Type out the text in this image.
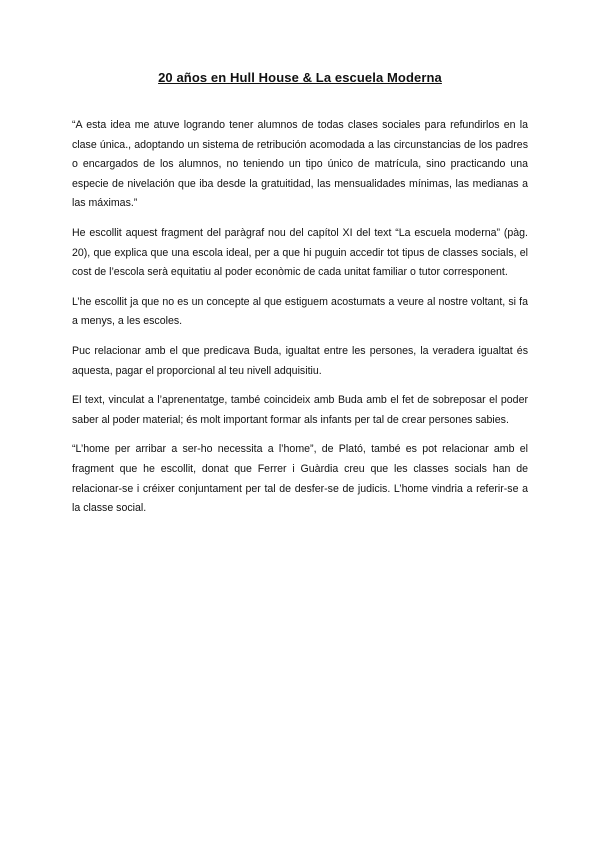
20 años en Hull House & La escuela Moderna

“A esta idea me atuve logrando tener alumnos de todas clases sociales para refundirlos en la clase única., adoptando un sistema de retribución acomodada a las circunstancias de los padres o encargados de los alumnos, no teniendo un tipo único de matrícula, sino practicando una especie de nivelación que iba desde la gratuitidad, las mensualidades mínimas, las medianas a las máximas.”

He escollit aquest fragment del paràgraf nou del capítol XI del text “La escuela moderna” (pàg. 20), que explica que una escola ideal, per a que hi puguin accedir tot tipus de classes socials, el cost de l’escola serà equitatiu al poder econòmic de cada unitat familiar o tutor corresponent.

L’he escollit ja que no es un concepte al que estiguem acostumats a veure al nostre voltant, si fa a menys, a les escoles.

Puc relacionar amb el que predicava Buda, igualtat entre les persones, la veradera igualtat és aquesta, pagar el proporcional al teu nivell adquisitiu.

El text, vinculat a l’aprenentatge, també coincideix amb Buda amb el fet de sobreposar el poder saber al poder material; és molt important formar als infants per tal de crear persones sabies.

“L’home per arribar a ser-ho necessita a l’home”, de Plató, també es pot relacionar amb el fragment que he escollit, donat que Ferrer i Guàrdia creu que les classes socials han de relacionar-se i créixer conjuntament per tal de desfer-se de judicis. L’home vindria a referir-se a la classe social.
